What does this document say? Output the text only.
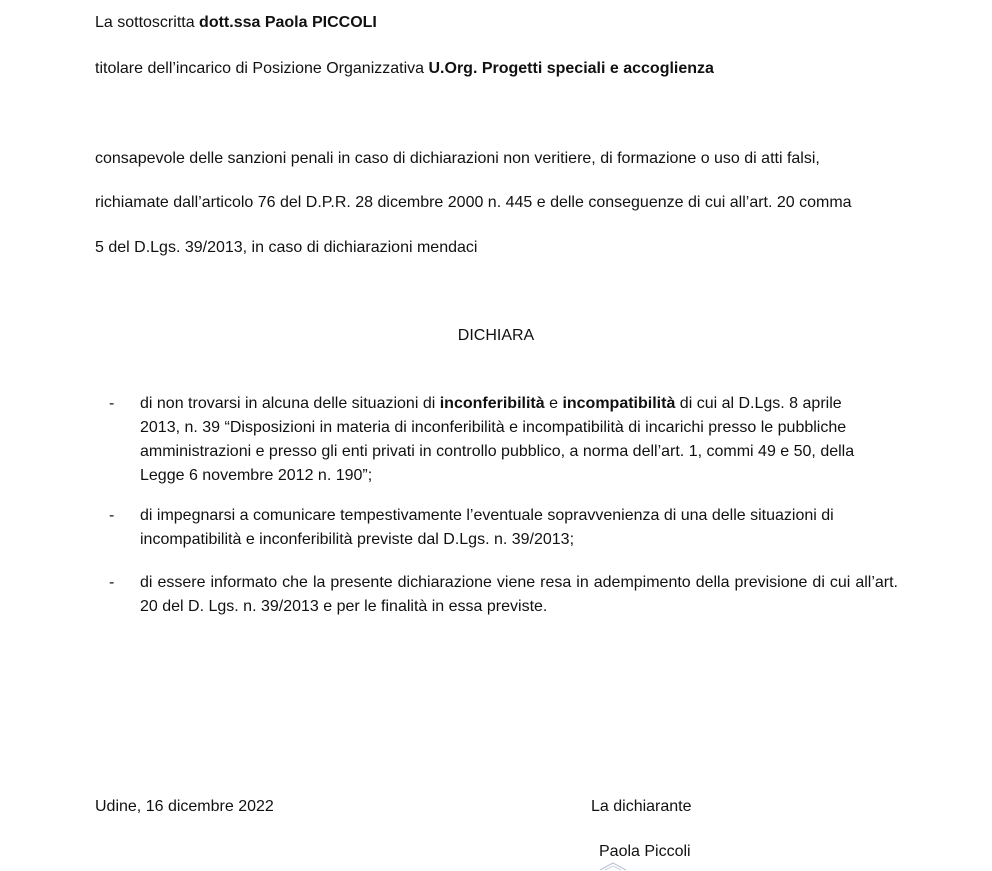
La sottoscritta dott.ssa Paola PICCOLI
titolare dell’incarico di Posizione Organizzativa U.Org. Progetti speciali e accoglienza
consapevole delle sanzioni penali in caso di dichiarazioni non veritiere, di formazione o uso di atti falsi,
richiamate dall’articolo 76 del D.P.R. 28 dicembre 2000 n. 445 e delle conseguenze di cui all’art. 20 comma
5 del D.Lgs. 39/2013, in caso di dichiarazioni mendaci
DICHIARA
- di non trovarsi in alcuna delle situazioni di inconferibilità e incompatibilità di cui al D.Lgs. 8 aprile 2013, n. 39 “Disposizioni in materia di inconferibilità e incompatibilità di incarichi presso le pubbliche amministrazioni e presso gli enti privati in controllo pubblico, a norma dell’art. 1, commi 49 e 50, della Legge 6 novembre 2012 n. 190”;
- di impegnarsi a comunicare tempestivamente l’eventuale sopravvenienza di una delle situazioni di incompatibilità e inconferibilità previste dal D.Lgs. n. 39/2013;
- di essere informato che la presente dichiarazione viene resa in adempimento della previsione di cui all’art. 20 del D. Lgs. n. 39/2013 e per le finalità in essa previste.
Udine, 16 dicembre 2022	La dichiarante
Paola Piccoli
